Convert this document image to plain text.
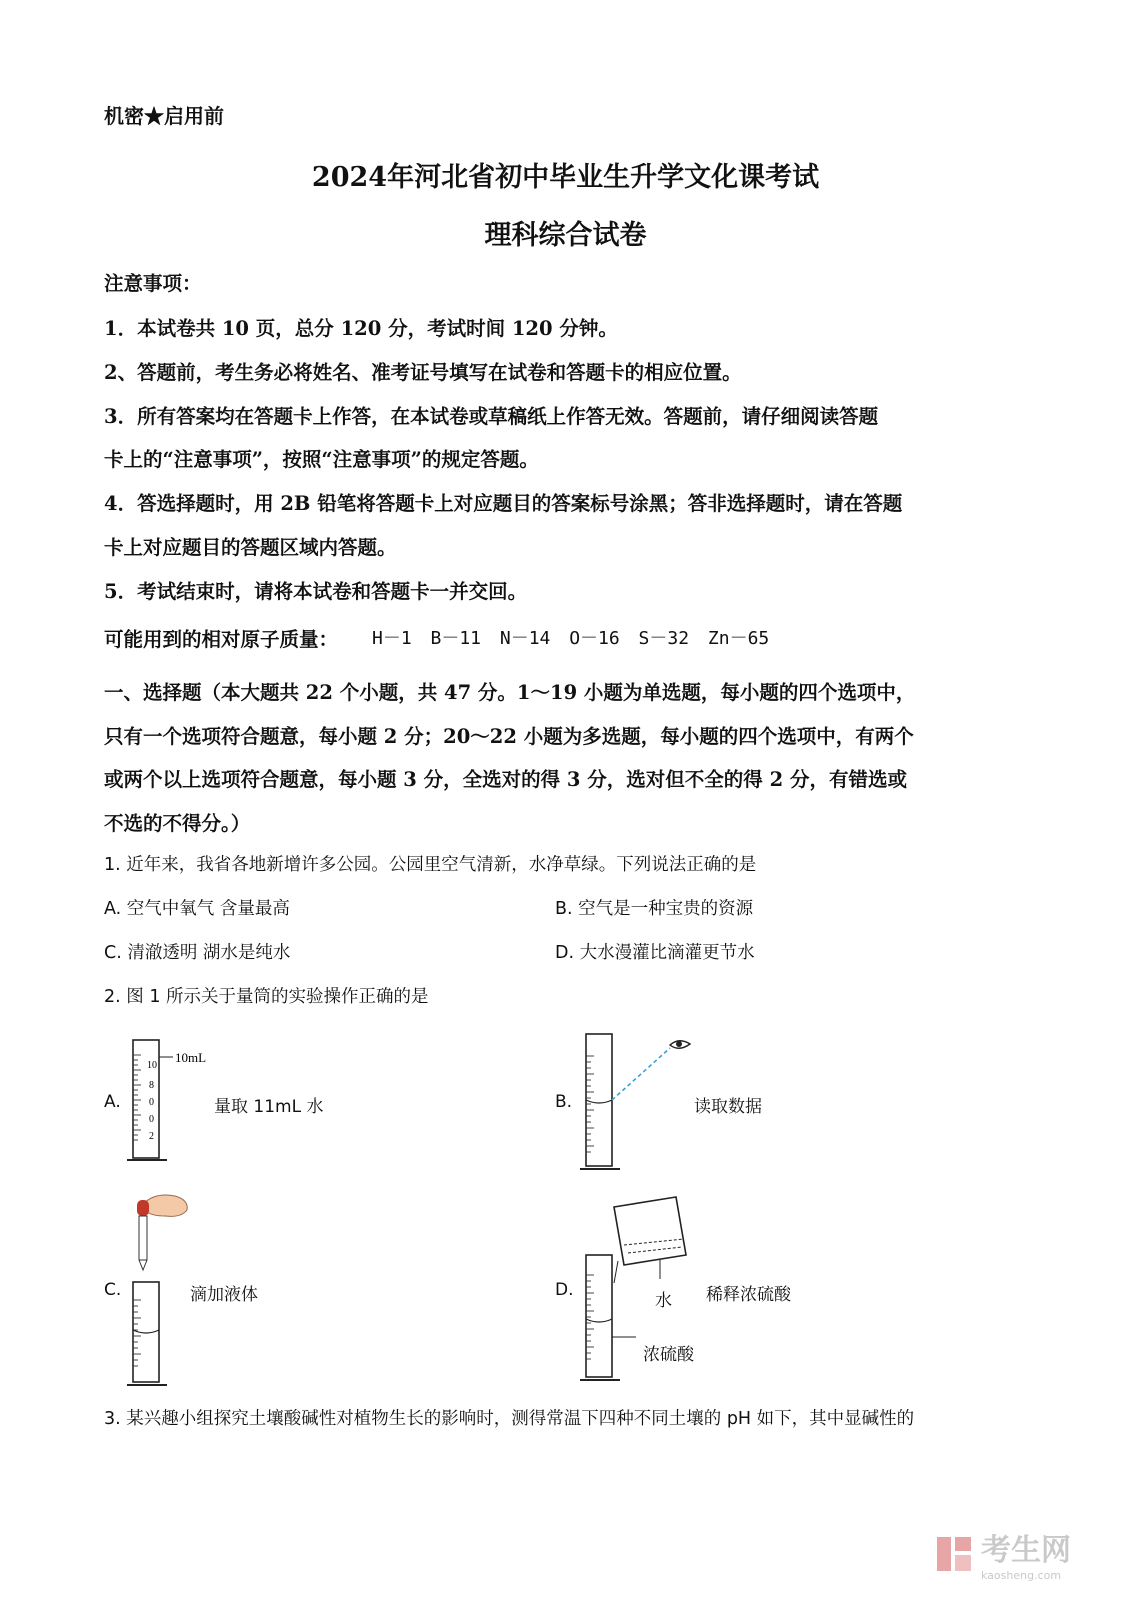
机密★启用前
2024年河北省初中毕业生升学文化课考试
理科综合试卷
注意事项：
1．本试卷共 10 页，总分 120 分，考试时间 120 分钟。
2、答题前，考生务必将姓名、准考证号填写在试卷和答题卡的相应位置。
3．所有答案均在答题卡上作答，在本试卷或草稿纸上作答无效。答题前，请仔细阅读答题
卡上的“注意事项”，按照“注意事项”的规定答题。
4．答选择题时，用 2B 铅笔将答题卡上对应题目的答案标号涂黑；答非选择题时，请在答题
卡上对应题目的答题区域内答题。
5．考试结束时，请将本试卷和答题卡一并交回。
可能用到的相对原子质量： H－1 B－11 N－14 O－16 S－32 Zn－65
一、选择题（本大题共 22 个小题，共 47 分。1～19 小题为单选题，每小题的四个选项中，
只有一个选项符合题意，每小题 2 分；20～22 小题为多选题，每小题的四个选项中，有两个
或两个以上选项符合题意，每小题 3 分，全选对的得 3 分，选对但不全的得 2 分，有错选或
不选的不得分。）
1. 近年来，我省各地新增许多公园。公园里空气清新，水净草绿。下列说法正确的是
A. 空气中氧气 含量最高	B. 空气是一种宝贵的资源
C. 清澈透明 湖水是纯水	D. 大水漫灌比滴灌更节水
2. 图 1 所示关于量筒的实验操作正确的是
A.
10mL
10
8
0
0
2
量取 11mL 水	B.	读取数据
C.	滴加液体	D.
水 稀释浓硫酸
浓硫酸
3. 某兴趣小组探究土壤酸碱性对植物生长的影响时，测得常温下四种不同土壤的 pH 如下，其中显碱性的
考生网
kaosheng.com
